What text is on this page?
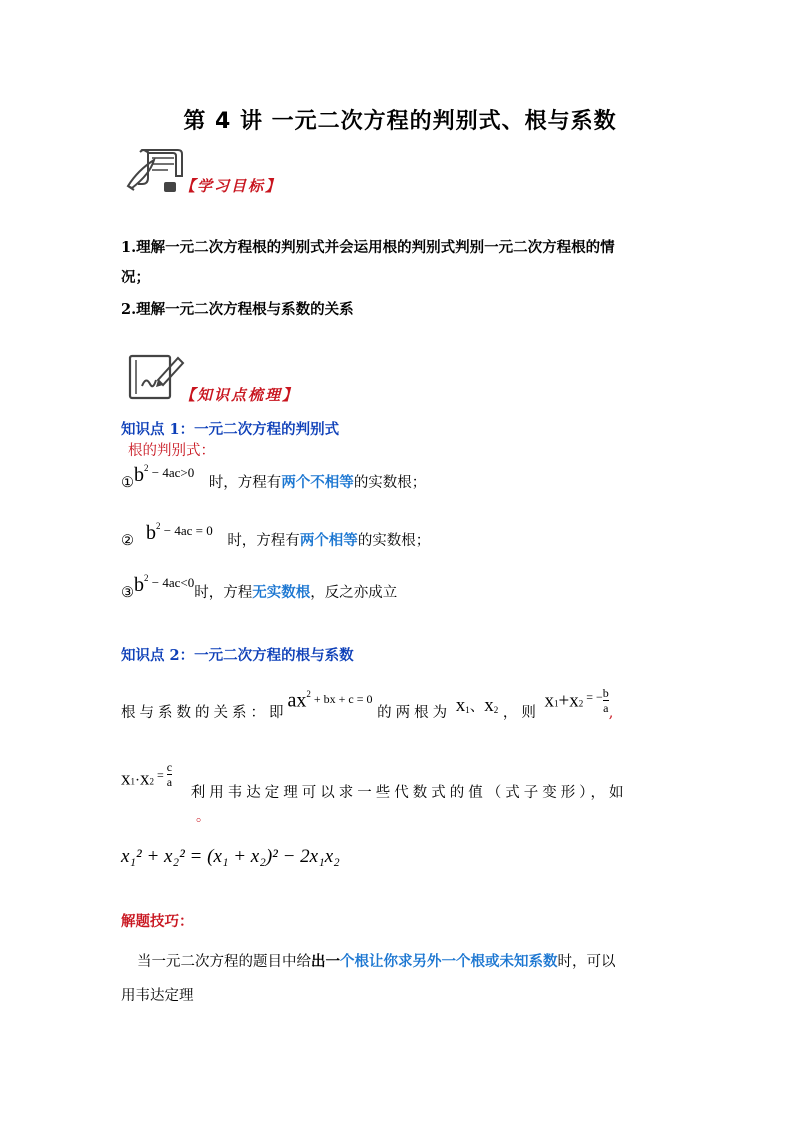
第 4 讲 一元二次方程的判别式、根与系数
【学习目标】
1.理解一元二次方程根的判别式并会运用根的判别式判别一元二次方程根的情
况；
2.理解一元二次方程根与系数的关系
【知识点梳理】
知识点 1：一元二次方程的判别式
根的判别式：
$①b^2 - 4ac>0$ 时，方程有两个不相等的实数根；
② $b^2 - 4ac = 0$ 时，方程有两个相等的实数根；
$③b^2 - 4ac<0$时，方程无实数根，反之亦成立
知识点 2：一元二次方程的根与系数
根与系数的关系：即$ax^2$ $^{+ bx + c = 0}$ 的两根为 $x_1$、$x_2$ ，则 x1+x2 $^{= -} \frac{b}{a}$ ,
x1·x2 $^= \frac{c}{a}$
利用韦达定理可以求一些代数式的值（式子变形），如
。
x₁² + x₂² = (x₁ + x₂)² − 2x₁x₂
解题技巧：
当一元二次方程的题目中给出一个根让你求另外一个根或未知系数时，可以
用韦达定理
